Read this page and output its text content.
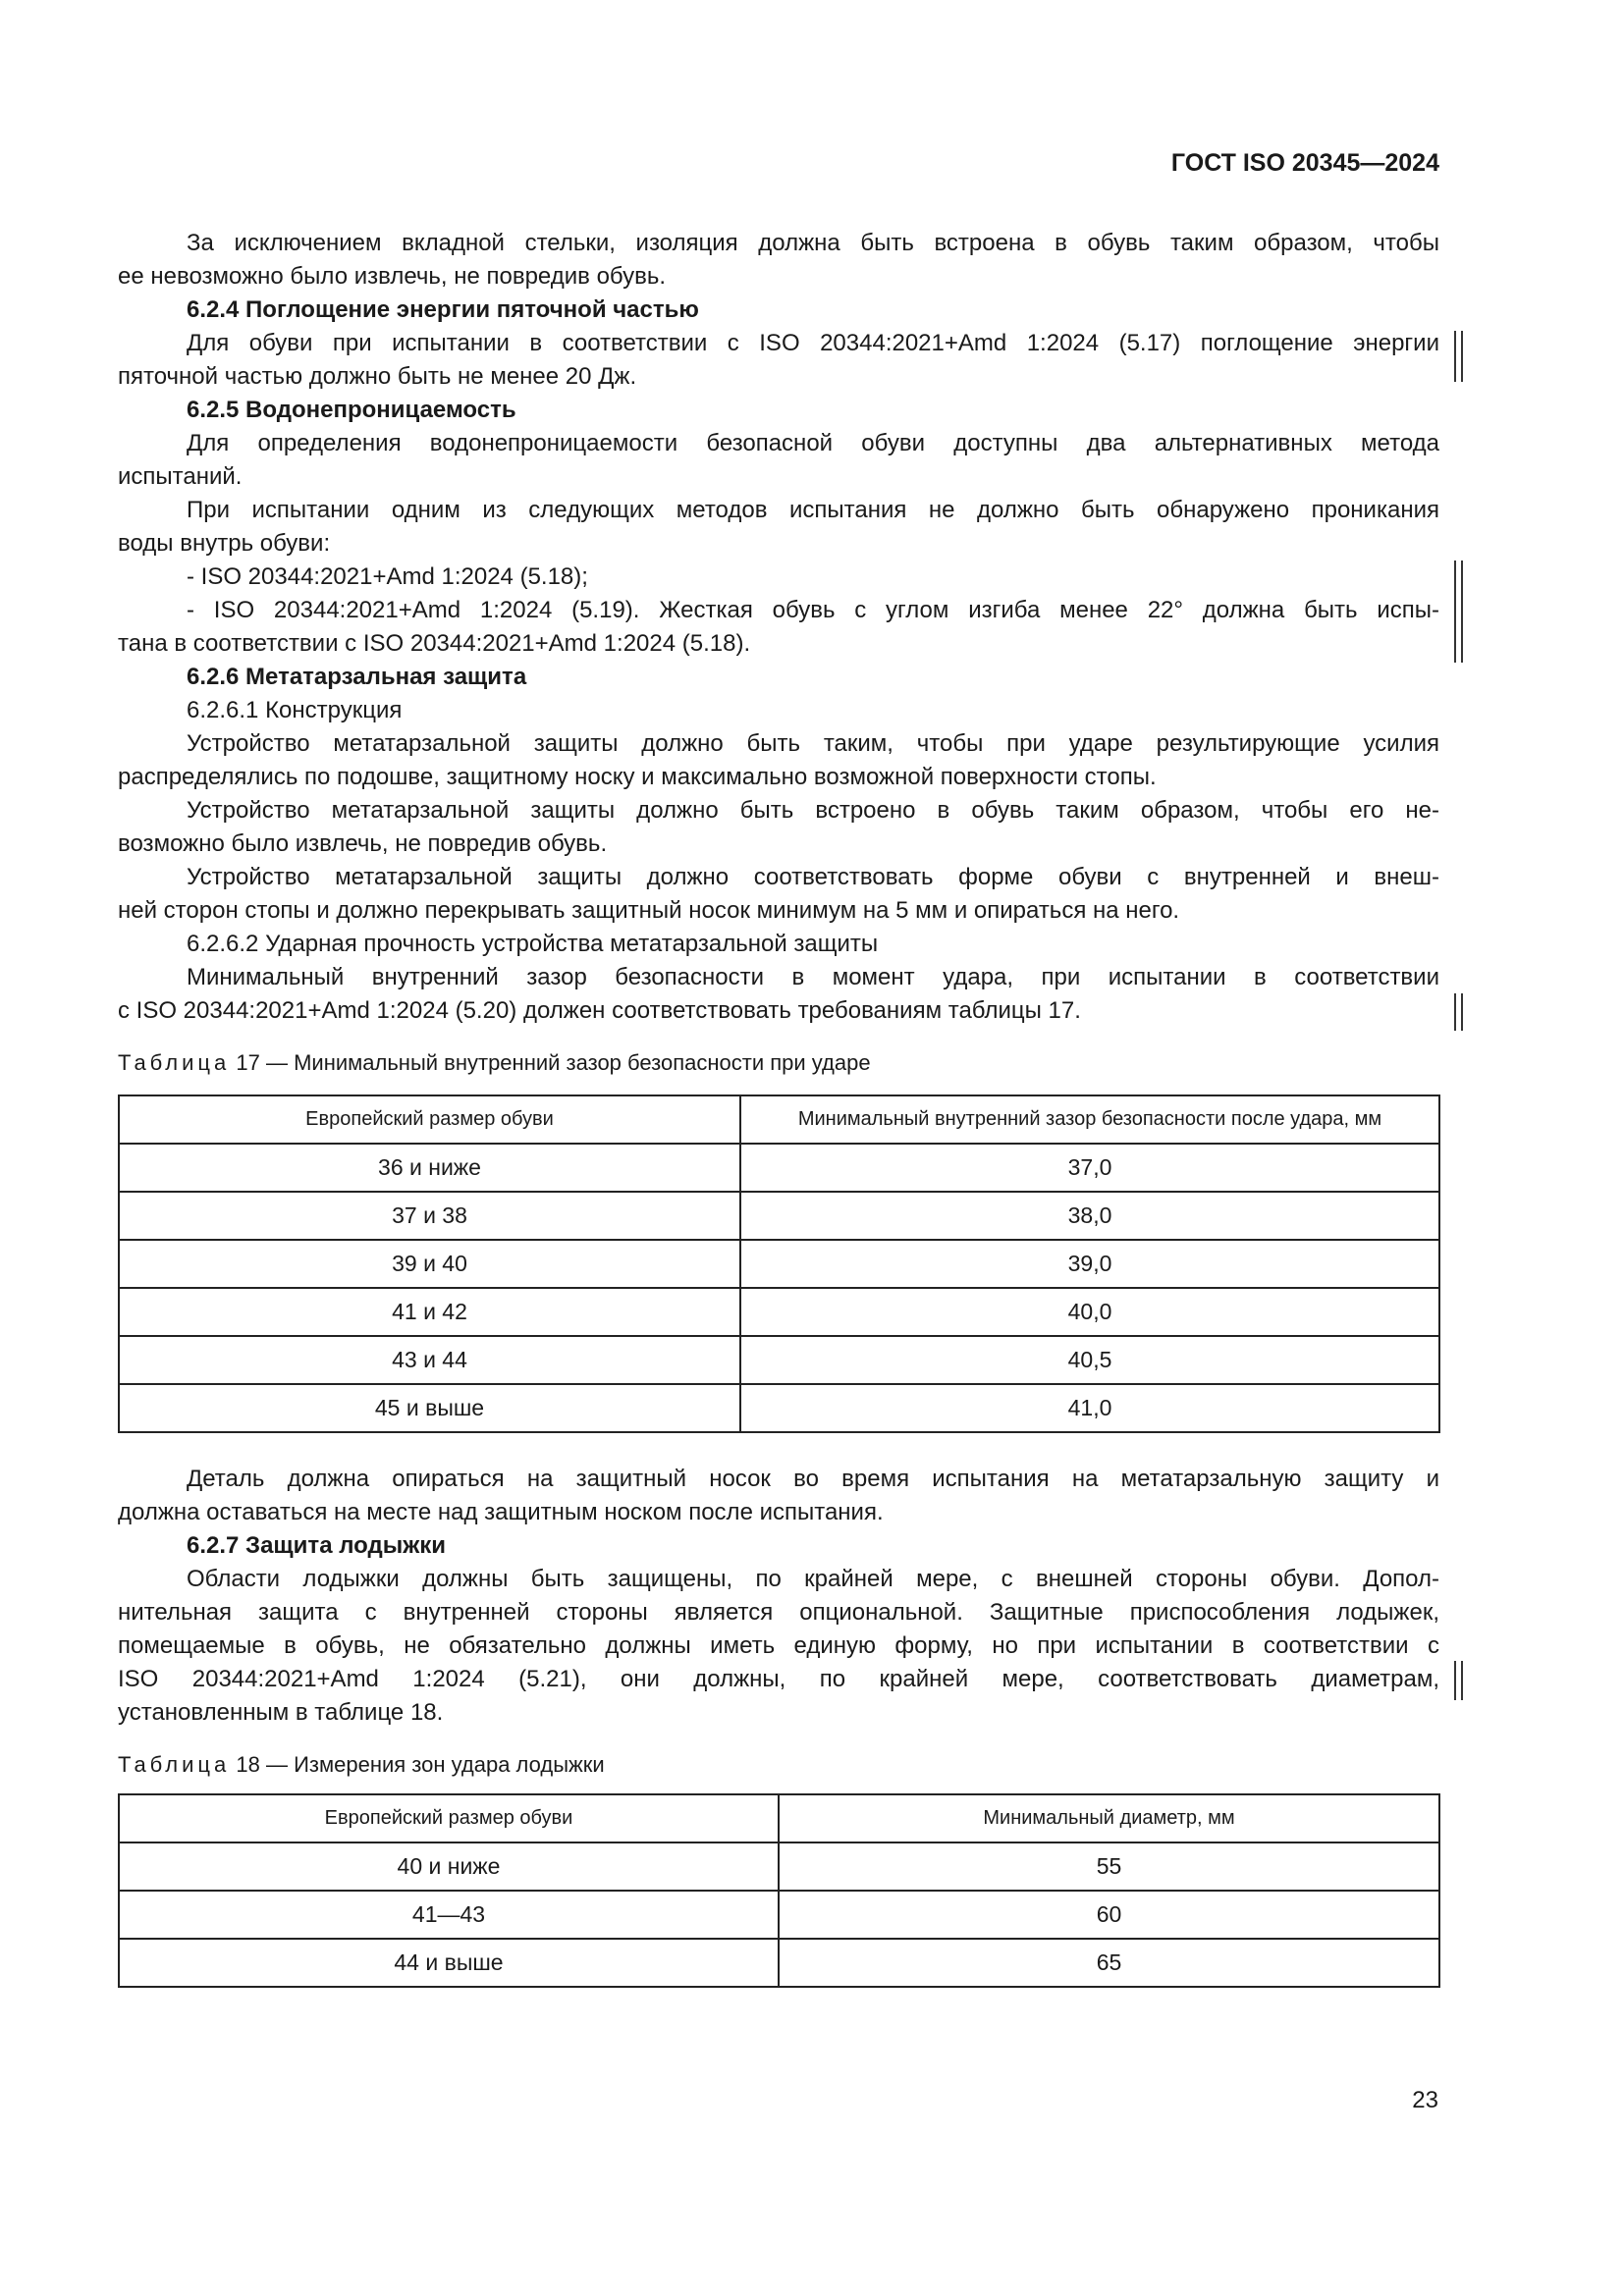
ГОСТ ISO 20345—2024
За исключением вкладной стельки, изоляция должна быть встроена в обувь таким образом, чтобы
ее невозможно было извлечь, не повредив обувь.
6.2.4 Поглощение энергии пяточной частью
Для обуви при испытании в соответствии с ISO 20344:2021+Amd 1:2024 (5.17) поглощение энергии
пяточной частью должно быть не менее 20 Дж.
6.2.5 Водонепроницаемость
Для определения водонепроницаемости безопасной обуви доступны два альтернативных метода
испытаний.
При испытании одним из следующих методов испытания не должно быть обнаружено проникания
воды внутрь обуви:
- ISO 20344:2021+Amd 1:2024 (5.18);
- ISO 20344:2021+Amd 1:2024 (5.19). Жесткая обувь с углом изгиба менее 22° должна быть испы-
тана в соответствии с ISO 20344:2021+Amd 1:2024 (5.18).
6.2.6 Метатарзальная защита
6.2.6.1 Конструкция
Устройство метатарзальной защиты должно быть таким, чтобы при ударе результирующие усилия
распределялись по подошве, защитному носку и максимально возможной поверхности стопы.
Устройство метатарзальной защиты должно быть встроено в обувь таким образом, чтобы его не-
возможно было извлечь, не повредив обувь.
Устройство метатарзальной защиты должно соответствовать форме обуви с внутренней и внеш-
ней сторон стопы и должно перекрывать защитный носок минимум на 5 мм и опираться на него.
6.2.6.2 Ударная прочность устройства метатарзальной защиты
Минимальный внутренний зазор безопасности в момент удара, при испытании в соответствии
с ISO 20344:2021+Amd 1:2024 (5.20) должен соответствовать требованиям таблицы 17.
Таблица 17 — Минимальный внутренний зазор безопасности при ударе
Европейский размер обуви	Минимальный внутренний зазор безопасности после удара, мм
36 и ниже	37,0
37 и 38	38,0
39 и 40	39,0
41 и 42	40,0
43 и 44	40,5
45 и выше	41,0
Деталь должна опираться на защитный носок во время испытания на метатарзальную защиту и
должна оставаться на месте над защитным носком после испытания.
6.2.7 Защита лодыжки
Области лодыжки должны быть защищены, по крайней мере, с внешней стороны обуви. Допол-
нительная защита с внутренней стороны является опциональной. Защитные приспособления лодыжек,
помещаемые в обувь, не обязательно должны иметь единую форму, но при испытании в соответствии с
ISO 20344:2021+Amd 1:2024 (5.21), они должны, по крайней мере, соответствовать диаметрам,
установленным в таблице 18.
Таблица 18 — Измерения зон удара лодыжки
Европейский размер обуви	Минимальный диаметр, мм
40 и ниже	55
41—43	60
44 и выше	65
23
